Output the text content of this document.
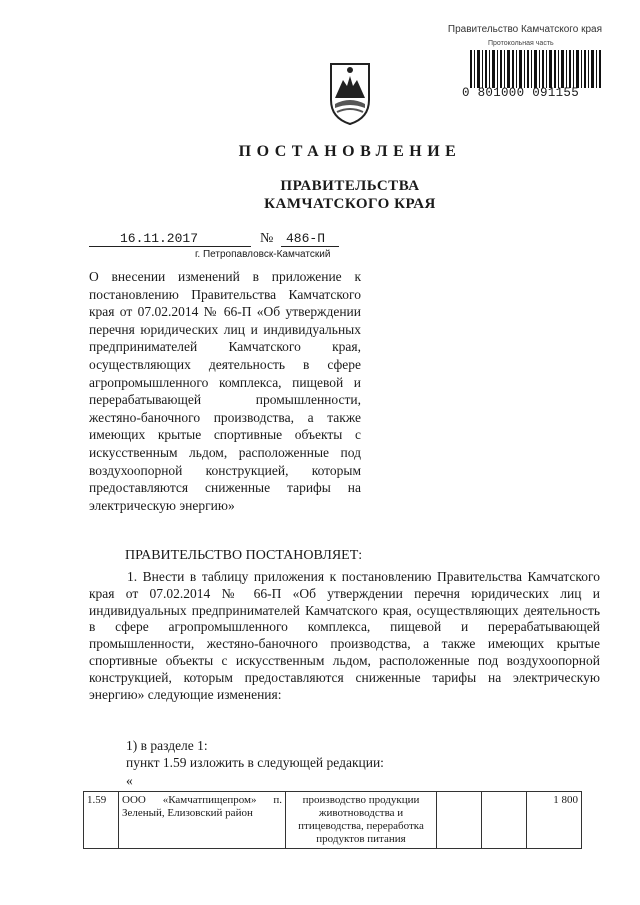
Правительство Камчатского края
Протокольная часть
0 801000 091155
ПОСТАНОВЛЕНИЕ
ПРАВИТЕЛЬСТВА
КАМЧАТСКОГО КРАЯ
16.11.2017	№ 486-П
г. Петропавловск-Камчатский
О внесении изменений в приложение к постановлению Правительства Камчатского края от 07.02.2014 № 66-П «Об утверждении перечня юридических лиц и индивидуальных предпринимателей Камчатского края, осуществляющих деятельность в сфере агропромышленного комплекса, пищевой и перерабатывающей промышленности, жестяно-баночного производства, а также имеющих крытые спортивные объекты с искусственным льдом, расположенные под воздухоопорной конструкцией, которым предоставляются сниженные тарифы на электрическую энергию»
ПРАВИТЕЛЬСТВО ПОСТАНОВЛЯЕТ:
1. Внести в таблицу приложения к постановлению Правительства Камчатского края от 07.02.2014 № 66-П «Об утверждении перечня юридических лиц и индивидуальных предпринимателей Камчатского края, осуществляющих деятельность в сфере агропромышленного комплекса, пищевой и перерабатывающей промышленности, жестяно-баночного производства, а также имеющих крытые спортивные объекты с искусственным льдом, расположенные под воздухоопорной конструкцией, которым предоставляются сниженные тарифы на электрическую энергию» следующие изменения:
1) в разделе 1:
пункт 1.59 изложить в следующей редакции:
«
1.59	ООО «Камчатпищепром» п. Зеленый, Елизовский район	производство продукции животноводства и птицеводства, переработка продуктов питания			1 800
